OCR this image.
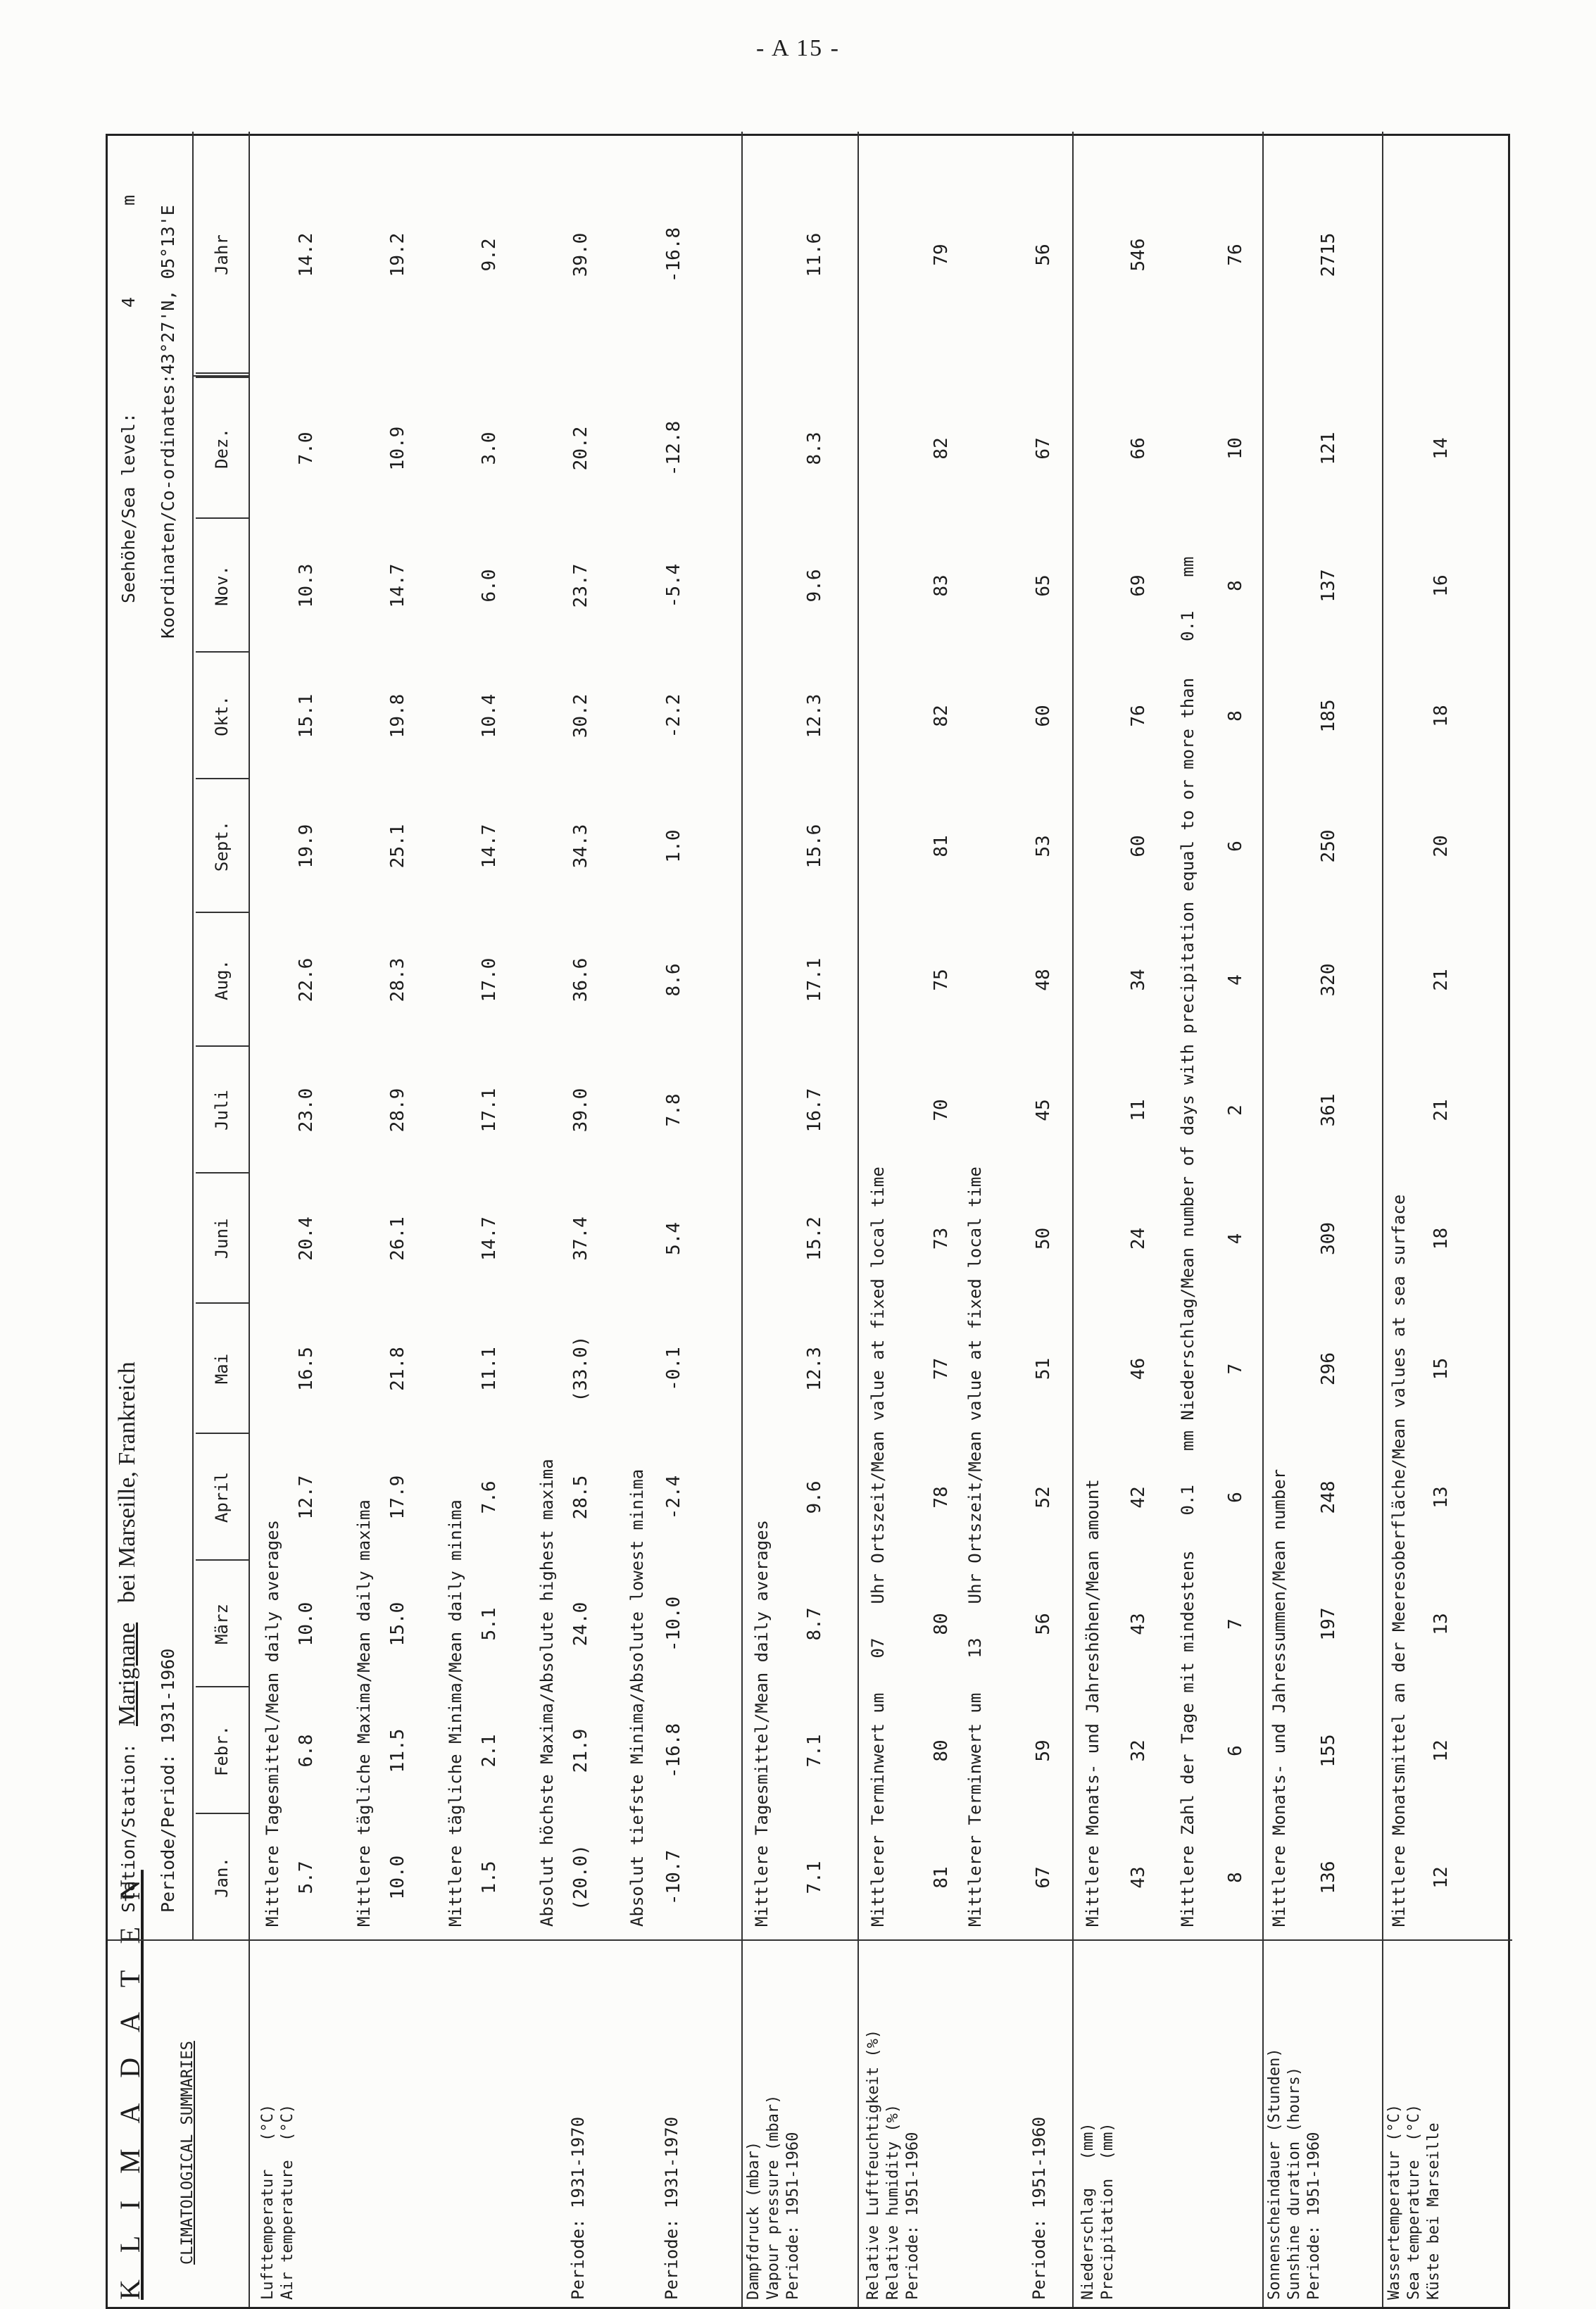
- A 15 -
K L I M A D A T E N CLIMATOLOGICAL SUMMARIES
Station/Station:
Marignane
bei Marseille, Frankreich
Periode/Period:
1931-1960
Seehöhe/Sea level:
4
m
Koordinaten/Co-ordinates:
43°27'N, 05°13'E
Jan.
Febr.
März
April
Mai
Juni
Juli
Aug.
Sept.
Okt.
Nov.
Dez.
Jahr
Lufttemperatur   (°C) Air temperature  (°C)
Mittlere Tagesmittel/Mean daily averages 5.7
6.8
10.0
12.7
16.5
20.4
23.0
22.6
19.9
15.1
10.3
7.0
14.2
Mittlere tägliche Maxima/Mean daily maxima 10.0
11.5
15.0
17.9
21.8
26.1
28.9
28.3
25.1
19.8
14.7
10.9
19.2
Mittlere tägliche Minima/Mean daily minima 1.5
2.1
5.1
7.6
11.1
14.7
17.1
17.0
14.7
10.4
6.0
3.0
9.2
Periode: 1931-1970
Absolut höchste Maxima/Absolute highest maxima (20.0)
21.9
24.0
28.5
(33.0)
37.4
39.0
36.6
34.3
30.2
23.7
20.2
39.0
Periode: 1931-1970
Absolut tiefste Minima/Absolute lowest minima -10.7
-16.8
-10.0
-2.4
-0.1
5.4
7.8
8.6
1.0
-2.2
-5.4
-12.8
-16.8
Dampfdruck (mbar) Vapour pressure (mbar) Periode: 1951-1960
Mittlere Tagesmittel/Mean daily averages 7.1
7.1
8.7
9.6
12.3
15.2
16.7
17.1
15.6
12.3
9.6
8.3
11.6
Relative Luftfeuchtigkeit (%) Relative humidity (%) Periode: 1951-1960
Mittlerer Terminwert um
07
Uhr Ortszeit/Mean value at fixed local time
81
80
80
78
77
73
70
75
81
82
83
82
79
Periode: 1951-1960
Mittlerer Terminwert um
13
Uhr Ortszeit/Mean value at fixed local time
67
59
56
52
51
50
45
48
53
60
65
67
56
Niederschlag   (mm) Precipitation  (mm)
Mittlere Monats- und Jahreshöhen/Mean amount 43
32
43
42
46
24
11
34
60
76
69
66
546
Mittlere Zahl der Tage mit mindestens
0.1
mm Niederschlag/Mean number of days with precipitation equal to or more than
0.1
mm
8
6
7
6
7
4
2
4
6
8
8
10
76
Sonnenscheindauer (Stunden) Sunshine duration (hours) Periode: 1951-1960
Mittlere Monats- und Jahressummen/Mean number 136
155
197
248
296
309
361
320
250
185
137
121
2715
Wassertemperatur (°C) Sea temperature  (°C) Küste bei Marseille
Mittlere Monatsmittel an der Meeresoberfläche/Mean values at sea surface 12
12
13
13
15
18
21
21
20
18
16
14
